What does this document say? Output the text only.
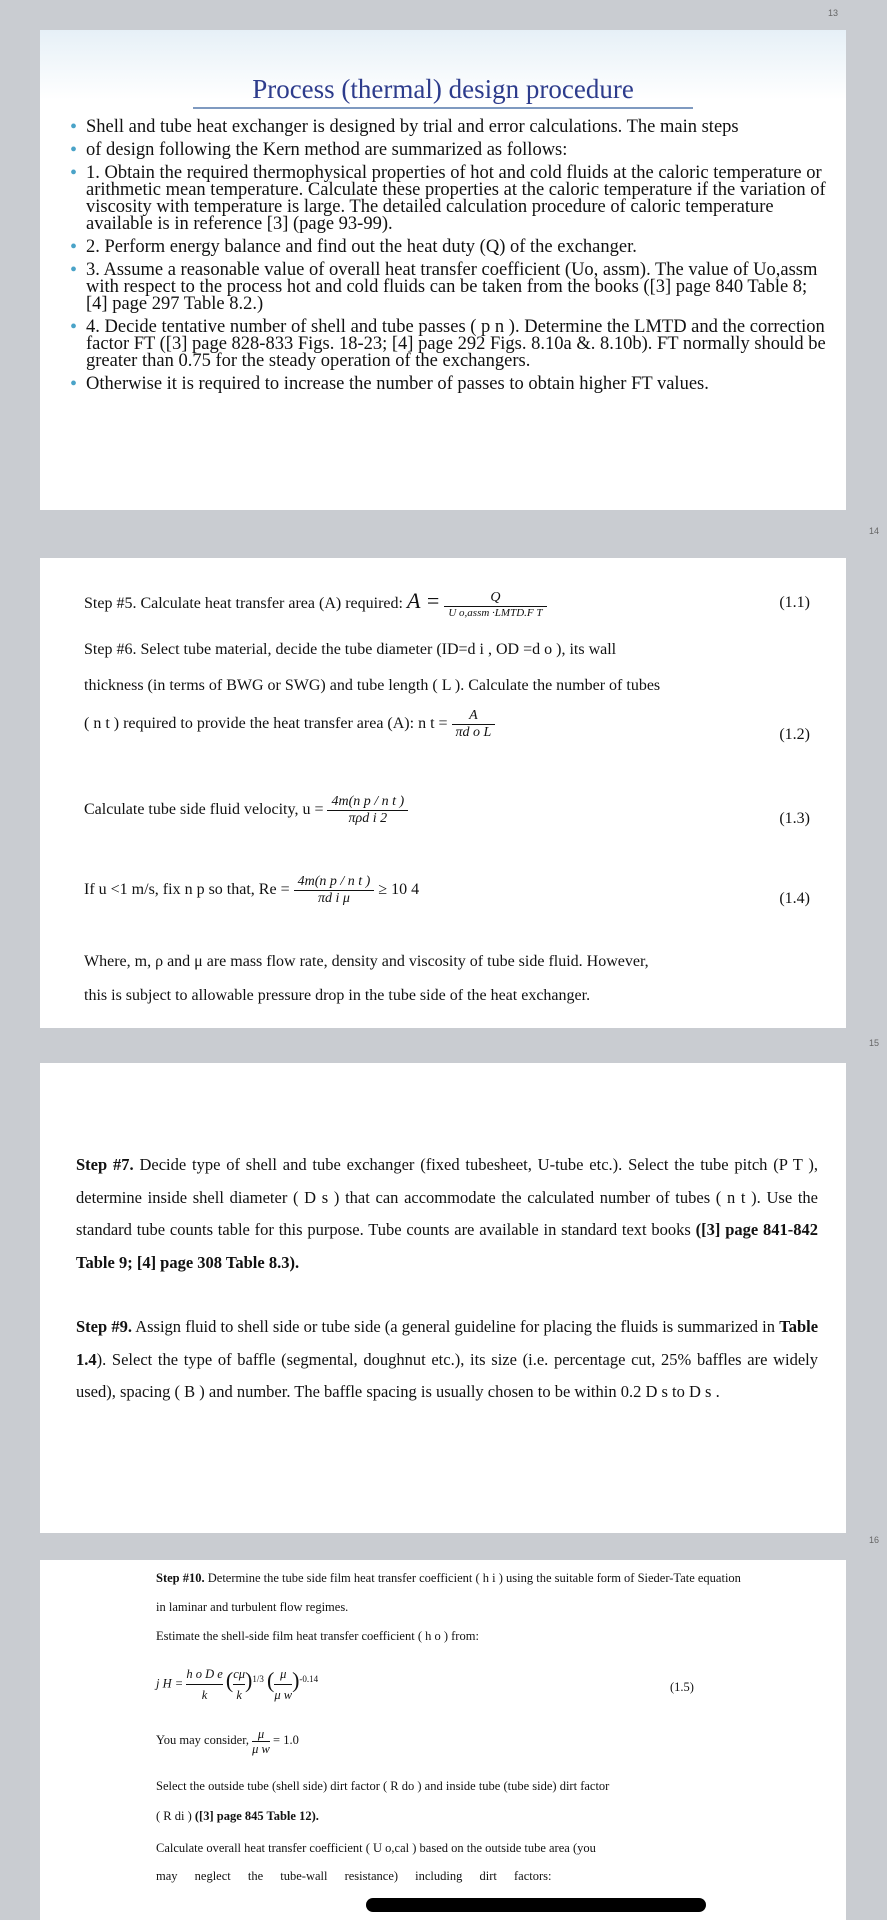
13
Process (thermal) design procedure
• Shell and tube heat exchanger is designed by trial and error calculations. The main steps
• of design following the Kern method are summarized as follows:
• 1. Obtain the required thermophysical properties of hot and cold fluids at the caloric temperature or arithmetic mean temperature. Calculate these properties at the caloric temperature if the variation of viscosity with temperature is large. The detailed calculation procedure of caloric temperature available is in reference [3] (page 93-99).
• 2. Perform energy balance and find out the heat duty (Q) of the exchanger.
• 3. Assume a reasonable value of overall heat transfer coefficient (Uo, assm). The value of Uo,assm with respect to the process hot and cold fluids can be taken from the books ([3] page 840 Table 8; [4] page 297 Table 8.2.)
• 4. Decide tentative number of shell and tube passes ( p n ). Determine the LMTD and the correction factor FT ([3] page 828-833 Figs. 18-23; [4] page 292 Figs. 8.10a &. 8.10b). FT normally should be greater than 0.75 for the steady operation of the exchangers.
• Otherwise it is required to increase the number of passes to obtain higher FT values.
14
Step #5. Calculate heat transfer area (A) required: $A = \frac{Q}{\text{U o,assm ·LMTD.F T}}$	(1.1)
Step #6. Select tube material, decide the tube diameter (ID=d i , OD =d o ), its wall
thickness (in terms of BWG or SWG) and tube length ( L ). Calculate the number of tubes
( n t ) required to provide the heat transfer area (A): n $t = \frac{A}{\text{πd o L}}$	(1.2)
Calculate tube side fluid velocity, $u = \frac{\text{4m(n p / n t )}}{\text{πρd i 2}}$	(1.3)
If u <1 m/s, fix n p so that, $Re = \frac{\text{4m(n p / n t )}}{\text{πd i μ}} \ge 10$ 4
(1.4)
Where, m, ρ and μ are mass flow rate, density and viscosity of tube side fluid. However,
this is subject to allowable pressure drop in the tube side of the heat exchanger.
15
Step #7. Decide type of shell and tube exchanger (fixed tubesheet, U-tube etc.). Select the tube pitch (P T ), determine inside shell diameter ( D s ) that can accommodate the calculated number of tubes ( n t ). Use the standard tube counts table for this purpose. Tube counts are available in standard text books ([3] page 841-842 Table 9; [4] page 308 Table 8.3).
Step #9. Assign fluid to shell side or tube side (a general guideline for placing the fluids is summarized in Table 1.4). Select the type of baffle (segmental, doughnut etc.), its size (i.e. percentage cut, 25% baffles are widely used), spacing ( B ) and number. The baffle spacing is usually chosen to be within 0.2 D s to D s .
16
Step #10. Determine the tube side film heat transfer coefficient ( h i ) using the suitable form of Sieder-Tate equation in laminar and turbulent flow regimes.
Estimate the shell-side film heat transfer coefficient ( h o ) from:
j $H = \frac{\text{h o D e}}{k}$ ( $\frac{c\mu}{k} )^{1/3}$ ( $\frac{\mu}{\text{μ w}} )^{-0.14}$
(1.5)
You may consider, $\frac{\mu}{\text{μ w}} = 1.0$
Select the outside tube (shell side) dirt factor ( R do ) and inside tube (tube side) dirt factor
( R di ) ([3] page 845 Table 12).
Calculate overall heat transfer coefficient ( U o,cal ) based on the outside tube area (you
may neglect the tube-wall resistance) including dirt factors:
